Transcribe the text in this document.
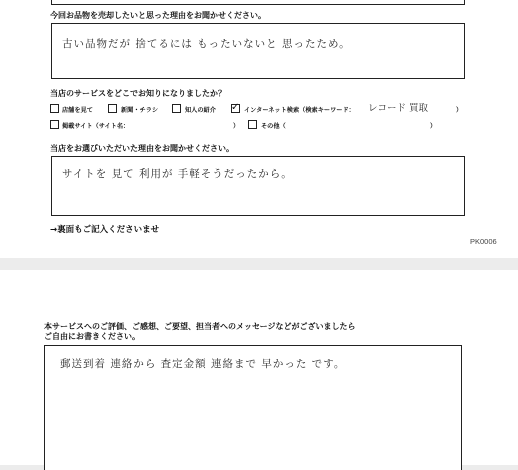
今回お品物を売却したいと思った理由をお聞かせください。
古い品物だが 捨てるには もったいないと 思ったため。
当店のサービスをどこでお知りになりましたか？
店舗を見て	新聞・チラシ	知人の紹介 ✓ インターネット検索（検索キーワード： レコード 買取	）
掲載サイト（サイト名：	）	その他（	）
当店をお選びいただいた理由をお聞かせください。
サイトを 見て 利用が 手軽そうだったから。
→裏面もご記入くださいませ
PK0006
本サービスへのご評価、ご感想、ご要望、担当者へのメッセージなどがございましたら
ご自由にお書きください。
郵送到着 連絡から 査定金額 連絡まで 早かった です。
